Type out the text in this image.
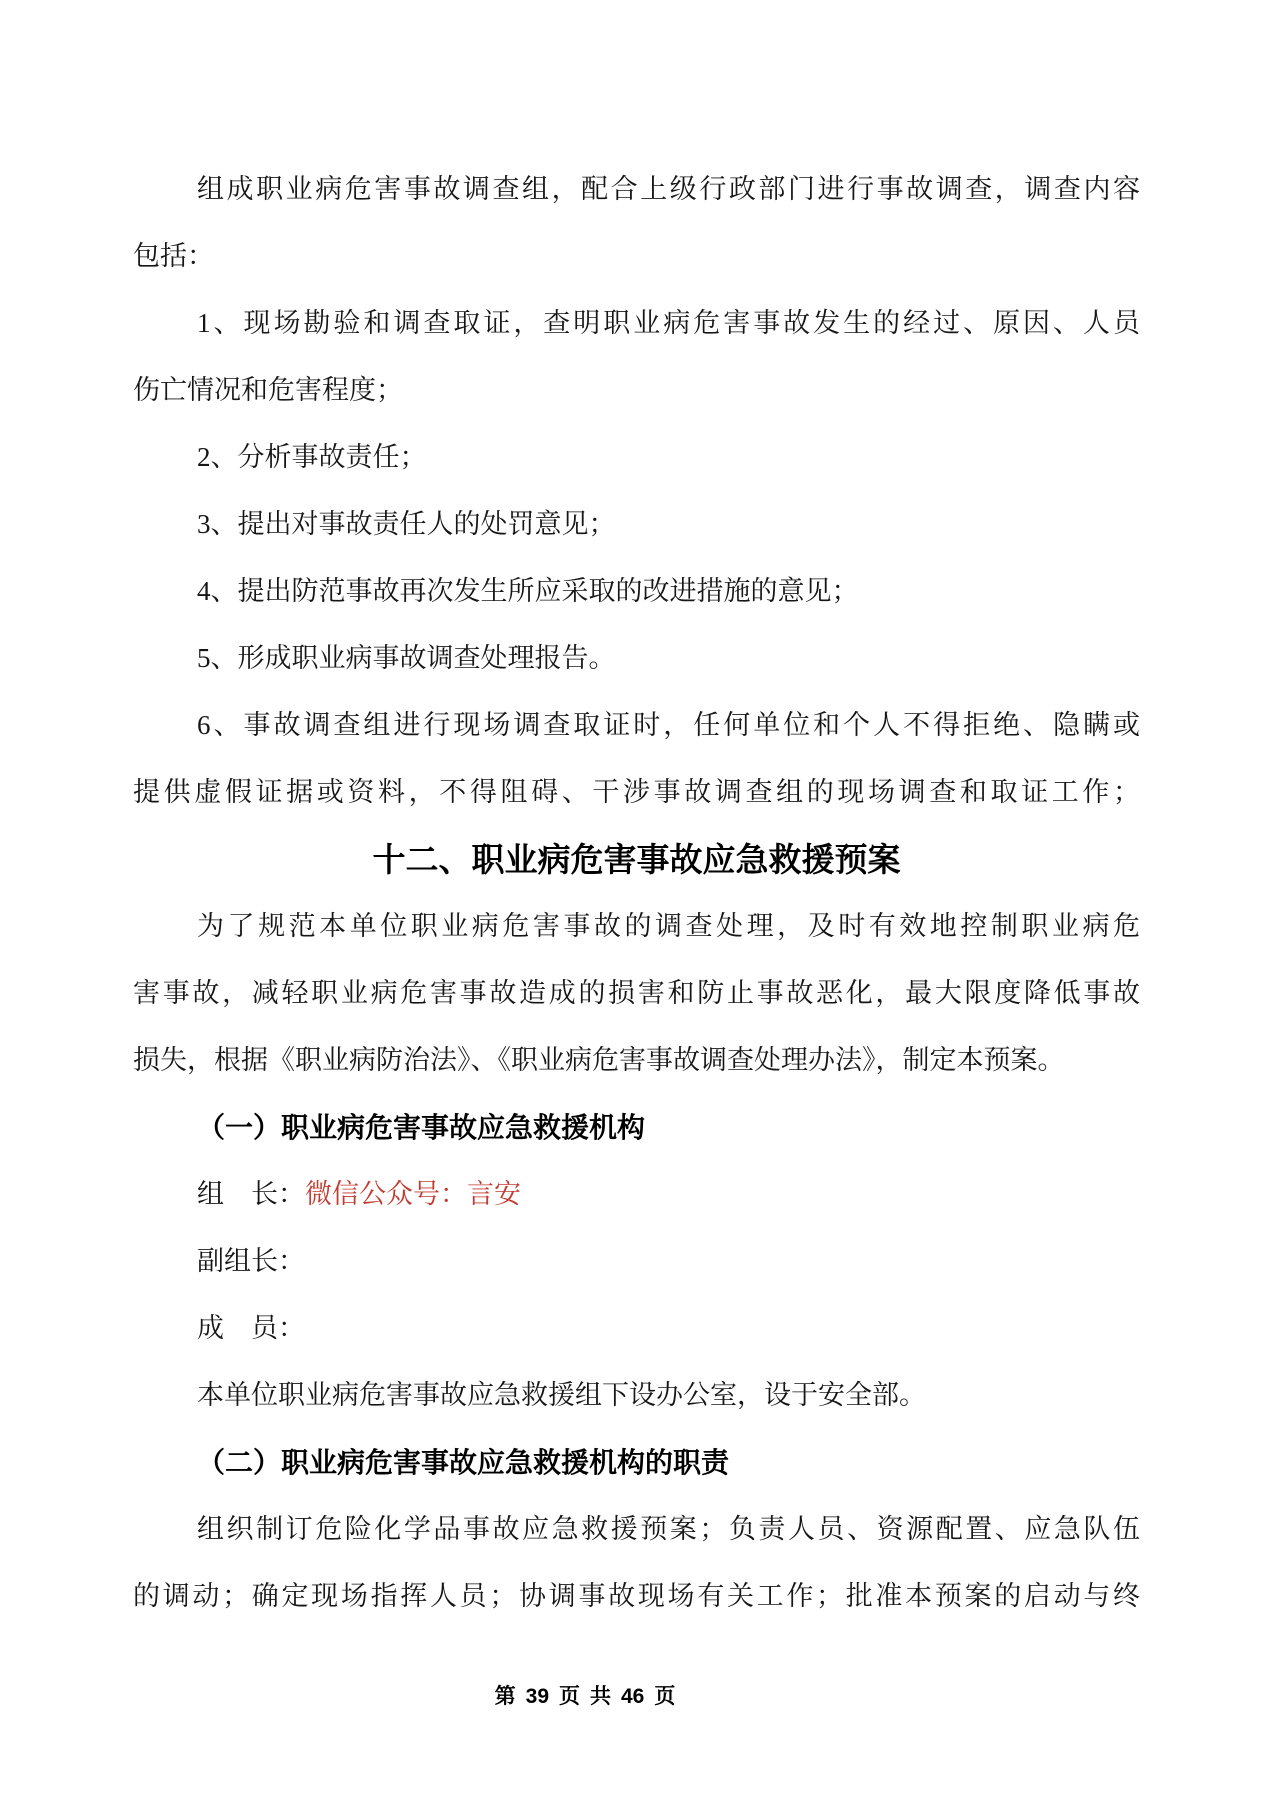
组成职业病危害事故调查组，配合上级行政部门进行事故调查，调查内容
包括：
1、现场勘验和调查取证，查明职业病危害事故发生的经过、原因、人员
伤亡情况和危害程度；
2、分析事故责任；
3、提出对事故责任人的处罚意见；
4、提出防范事故再次发生所应采取的改进措施的意见；
5、形成职业病事故调查处理报告。
6、事故调查组进行现场调查取证时，任何单位和个人不得拒绝、隐瞒或
提供虚假证据或资料，不得阻碍、干涉事故调查组的现场调查和取证工作；
十二、职业病危害事故应急救援预案
为了规范本单位职业病危害事故的调查处理，及时有效地控制职业病危
害事故，减轻职业病危害事故造成的损害和防止事故恶化，最大限度降低事故
损失，根据《职业病防治法》、《职业病危害事故调查处理办法》，制定本预案。
（一）职业病危害事故应急救援机构
组　长：微信公众号：言安
副组长：
成　员：
本单位职业病危害事故应急救援组下设办公室，设于安全部。
（二）职业病危害事故应急救援机构的职责
组织制订危险化学品事故应急救援预案；负责人员、资源配置、应急队伍
的调动；确定现场指挥人员；协调事故现场有关工作；批准本预案的启动与终
第 39 页 共 46 页
